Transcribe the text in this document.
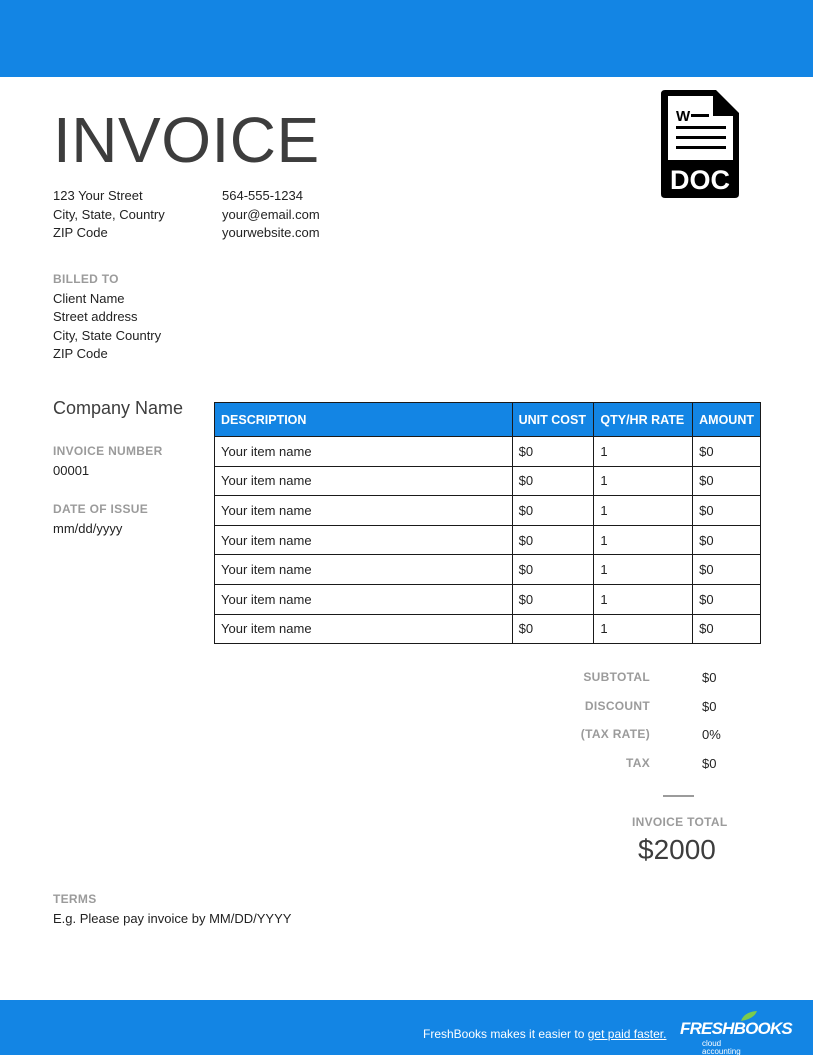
INVOICE	W
DOC
123 Your Street
City, State, Country
ZIP Code
564-555-1234
your@email.com
yourwebsite.com
BILLED TO
Client Name
Street address
City, State Country
ZIP Code
Company Name
INVOICE NUMBER
00001
DATE OF ISSUE
mm/dd/yyyy
DESCRIPTION	UNIT COST	QTY/HR RATE	AMOUNT
Your item name	$0	1	$0
Your item name	$0	1	$0
Your item name	$0	1	$0
Your item name	$0	1	$0
Your item name	$0	1	$0
Your item name	$0	1	$0
Your item name	$0	1	$0
SUBTOTAL	$0
DISCOUNT	$0
(TAX RATE)	0%
TAX	$0
INVOICE TOTAL
$2000
TERMS
E.g. Please pay invoice by MM/DD/YYYY
FreshBooks makes it easier to get paid faster. FRESHBOOKS
cloud accounting
